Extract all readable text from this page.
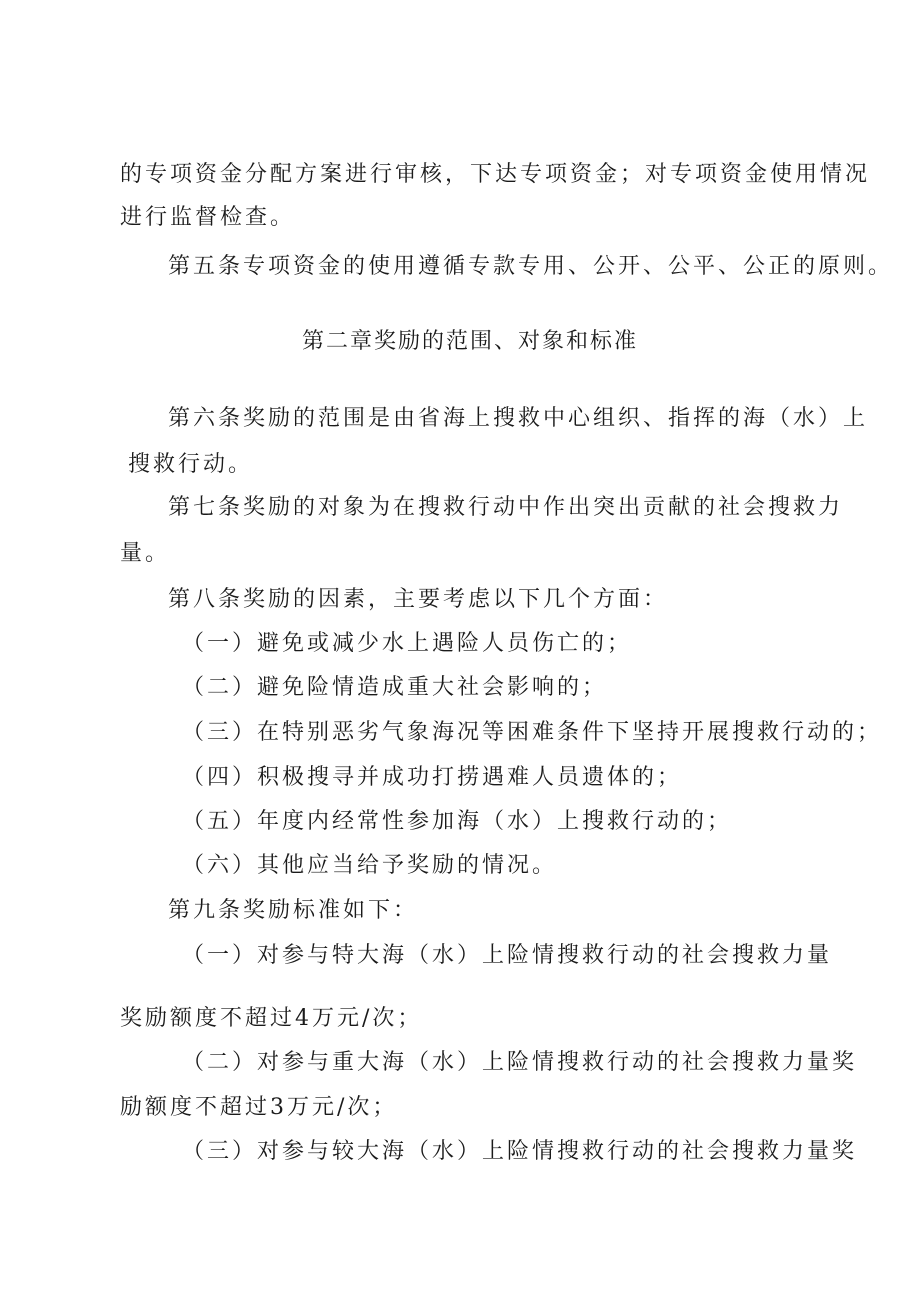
的专项资金分配方案进行审核，下达专项资金；对专项资金使用情况
进行监督检查。
第五条专项资金的使用遵循专款专用、公开、公平、公正的原则。
第二章奖励的范围、对象和标准
第六条奖励的范围是由省海上搜救中心组织、指挥的海（水）上
搜救行动。
第七条奖励的对象为在搜救行动中作出突出贡献的社会搜救力
量。
第八条奖励的因素，主要考虑以下几个方面：
（一）避免或减少水上遇险人员伤亡的；
（二）避免险情造成重大社会影响的；
（三）在特别恶劣气象海况等困难条件下坚持开展搜救行动的；
（四）积极搜寻并成功打捞遇难人员遗体的；
（五）年度内经常性参加海（水）上搜救行动的；
（六）其他应当给予奖励的情况。
第九条奖励标准如下：
（一）对参与特大海（水）上险情搜救行动的社会搜救力量
奖励额度不超过4万元/次；
（二）对参与重大海（水）上险情搜救行动的社会搜救力量奖
励额度不超过3万元/次；
（三）对参与较大海（水）上险情搜救行动的社会搜救力量奖
